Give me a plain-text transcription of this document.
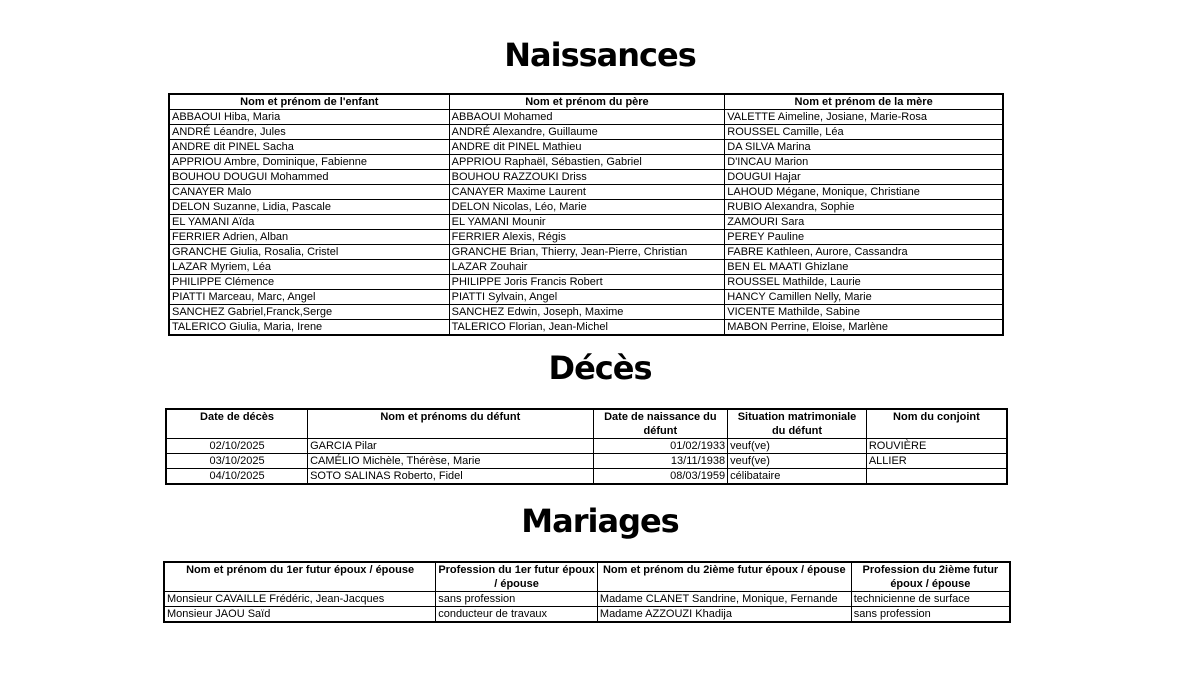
Naissances
Nom et prénom de l'enfant	Nom et prénom du père	Nom et prénom de la mère
ABBAOUI Hiba, Maria	ABBAOUI Mohamed	VALETTE Aimeline, Josiane, Marie-Rosa
ANDRÉ Léandre, Jules	ANDRÉ Alexandre, Guillaume	ROUSSEL Camille, Léa
ANDRE dit PINEL Sacha	ANDRE dit PINEL Mathieu	DA SILVA Marina
APPRIOU Ambre, Dominique, Fabienne	APPRIOU Raphaël, Sébastien, Gabriel	D'INCAU Marion
BOUHOU DOUGUI Mohammed	BOUHOU RAZZOUKI Driss	DOUGUI Hajar
CANAYER Malo	CANAYER Maxime Laurent	LAHOUD Mégane, Monique, Christiane
DELON Suzanne, Lidia, Pascale	DELON Nicolas, Léo, Marie	RUBIO Alexandra, Sophie
EL YAMANI Aïda	EL YAMANI Mounir	ZAMOURI Sara
FERRIER Adrien, Alban	FERRIER Alexis, Régis	PEREY Pauline
GRANCHE Giulia, Rosalia, Cristel	GRANCHE Brian, Thierry, Jean-Pierre, Christian	FABRE Kathleen, Aurore, Cassandra
LAZAR Myriem, Léa	LAZAR Zouhair	BEN EL MAATI Ghizlane
PHILIPPE Clémence	PHILIPPE Joris Francis Robert	ROUSSEL Mathilde, Laurie
PIATTI Marceau, Marc, Angel	PIATTI Sylvain, Angel	HANCY Camillen Nelly, Marie
SANCHEZ Gabriel,Franck,Serge	SANCHEZ Edwin, Joseph, Maxime	VICENTE Mathilde, Sabine
TALERICO Giulia, Maria, Irene	TALERICO Florian, Jean-Michel	MABON Perrine, Eloise, Marlène
Décès
Date de décès	Nom et prénoms du défunt	Date de naissance du défunt	Situation matrimoniale du défunt	Nom du conjoint
02/10/2025	GARCIA Pilar	01/02/1933	veuf(ve)	ROUVIÈRE
03/10/2025	CAMÉLIO Michèle, Thérèse, Marie	13/11/1938	veuf(ve)	ALLIER
04/10/2025	SOTO SALINAS Roberto, Fidel	08/03/1959	célibataire	
Mariages
Nom et prénom du 1er futur époux / épouse	Profession du 1er futur époux / épouse	Nom et prénom du 2ième futur époux / épouse	Profession du 2ième futur époux / épouse
Monsieur CAVAILLE Frédéric, Jean-Jacques	sans profession	Madame CLANET Sandrine, Monique, Fernande	technicienne de surface
Monsieur JAOU Saïd	conducteur de travaux	Madame AZZOUZI Khadija	sans profession
